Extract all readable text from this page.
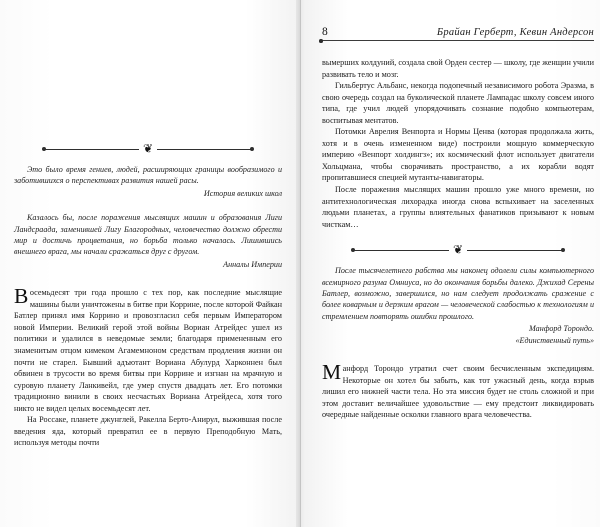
❦

Это было время гениев, людей, расширяющих границы вообразимого и заботившихся о перспективах развития нашей расы.

История великих школ

Казалось бы, после поражения мыслящих машин и образования Лиги Ландсраада, заменившей Лигу Благородных, человечество должно обрести мир и достичь процветания, но борьба только началась. Лишившись внешнего врага, мы начали сражаться друг с другом.

Анналы Империи

Восемьдесят три года прошло с тех пор, как последние мыслящие машины были уничтожены в битве при Коррине, после которой Файкан Батлер принял имя Коррино и провозгласил себя первым Императором новой Империи. Великий герой этой войны Вориан Атрейдес ушел из политики и удалился в неведомые земли; благодаря примененным его знаменитым отцом кимеком Агамемноном средствам продления жизни он почти не старел. Бывший адъютант Вориана Абулурд Харконнен был обвинен в трусости во время битвы при Коррине и изгнан на мрачную и суровую планету Ланкивейл, где умер спустя двадцать лет. Его потомки традиционно винили в своих несчастьях Вориана Атрейдеса, хотя того никто не видел целых восемьдесят лет.

На Россаке, планете джунглей, Ракелла Берто-Анирул, выжившая после введения яда, который превратил ее в первую Преподобную Мать, используя методы почти

8	Брайан Герберт, Кевин Андерсон

вымерших колдуний, создала свой Орден сестер — школу, где женщин учили развивать тело и мозг.

Гильбертус Альбанс, некогда подопечный независимого робота Эразма, в свою очередь создал на буколической планете Лампадас школу совсем иного типа, где учил людей упорядочивать сознание подобно компьютерам, воспитывая ментатов.

Потомки Аврелия Венпорта и Нормы Ценва (которая продолжала жить, хотя и в очень измененном виде) построили мощную коммерческую империю «Венпорт холдингз»; их космический флот использует двигатели Хольцмана, чтобы сворачивать пространство, а их корабли водят пропитавшиеся специей мутанты-навигаторы.

После поражения мыслящих машин прошло уже много времени, но антитехнологическая лихорадка иногда снова вспыхивает на заселенных людьми планетах, а группы влиятельных фанатиков призывают к новым чисткам…

❦

После тысячелетнего рабства мы наконец одолели силы компьютерного всемирного разума Омниуса, но до окончания борьбы далеко. Джихад Серены Батлер, возможно, завершился, но нам следует продолжать сражение с более коварным и дерзким врагом — человеческой слабостью к технологиям и стремлением повторять ошибки прошлого.

Манфорд Торондо.
«Единственный путь»

Манфорд Торондо утратил счет своим бесчисленным экспедициям. Некоторые он хотел бы забыть, как тот ужасный день, когда взрыв лишил его нижней части тела. Но эта миссия будет не столь сложной и при этом доставит величайшее удовольствие — ему предстоит ликвидировать очередные найденные осколки главного врага человечества.
